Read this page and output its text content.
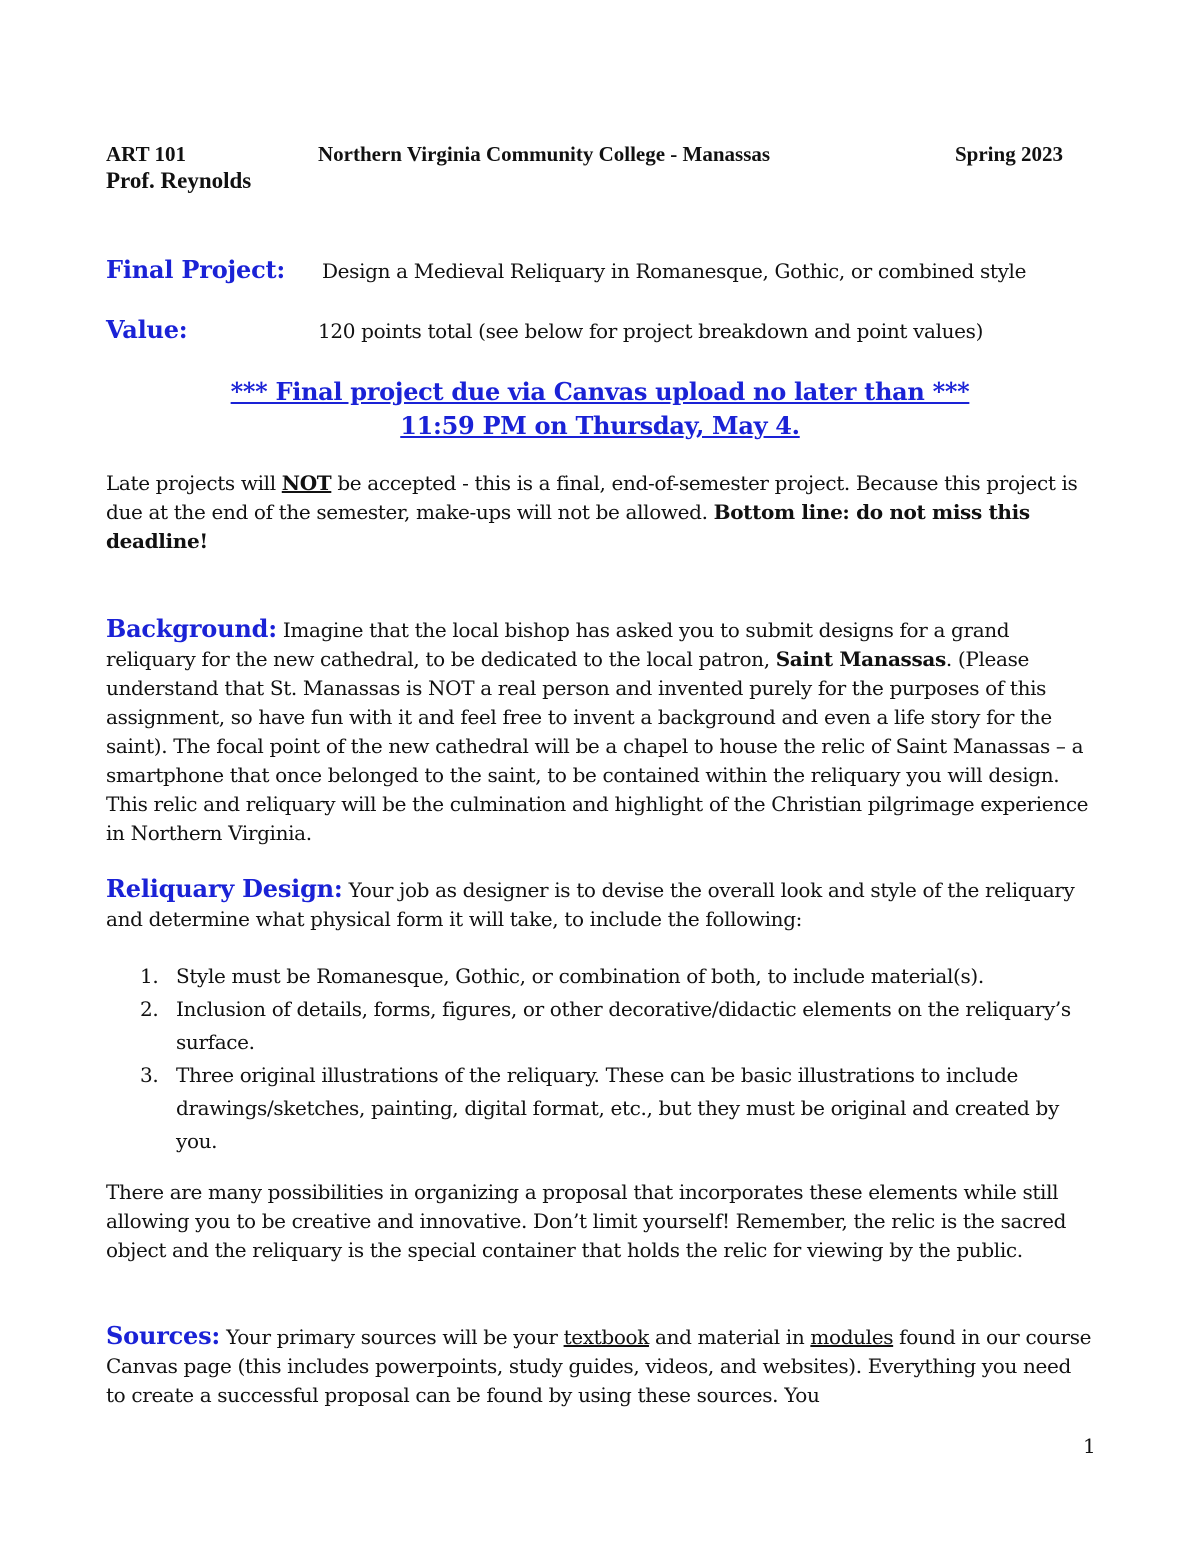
ART 101	Northern Virginia Community College - Manassas	Spring 2023
Prof. Reynolds
Final Project: Design a Medieval Reliquary in Romanesque, Gothic, or combined style
Value:	120 points total (see below for project breakdown and point values)
*** Final project due via Canvas upload no later than ***
11:59 PM on Thursday, May 4.
Late projects will NOT be accepted - this is a final, end-of-semester project. Because this project is due at the end of the semester, make-ups will not be allowed. Bottom line: do not miss this deadline!
Background: Imagine that the local bishop has asked you to submit designs for a grand reliquary for the new cathedral, to be dedicated to the local patron, Saint Manassas. (Please understand that St. Manassas is NOT a real person and invented purely for the purposes of this assignment, so have fun with it and feel free to invent a background and even a life story for the saint). The focal point of the new cathedral will be a chapel to house the relic of Saint Manassas – a smartphone that once belonged to the saint, to be contained within the reliquary you will design. This relic and reliquary will be the culmination and highlight of the Christian pilgrimage experience in Northern Virginia.
Reliquary Design: Your job as designer is to devise the overall look and style of the reliquary and determine what physical form it will take, to include the following:
1. Style must be Romanesque, Gothic, or combination of both, to include material(s).
2. Inclusion of details, forms, figures, or other decorative/didactic elements on the reliquary’s surface.
3. Three original illustrations of the reliquary. These can be basic illustrations to include drawings/sketches, painting, digital format, etc., but they must be original and created by you.
There are many possibilities in organizing a proposal that incorporates these elements while still allowing you to be creative and innovative. Don’t limit yourself! Remember, the relic is the sacred object and the reliquary is the special container that holds the relic for viewing by the public.
Sources: Your primary sources will be your textbook and material in modules found in our course Canvas page (this includes powerpoints, study guides, videos, and websites). Everything you need to create a successful proposal can be found by using these sources. You
1
